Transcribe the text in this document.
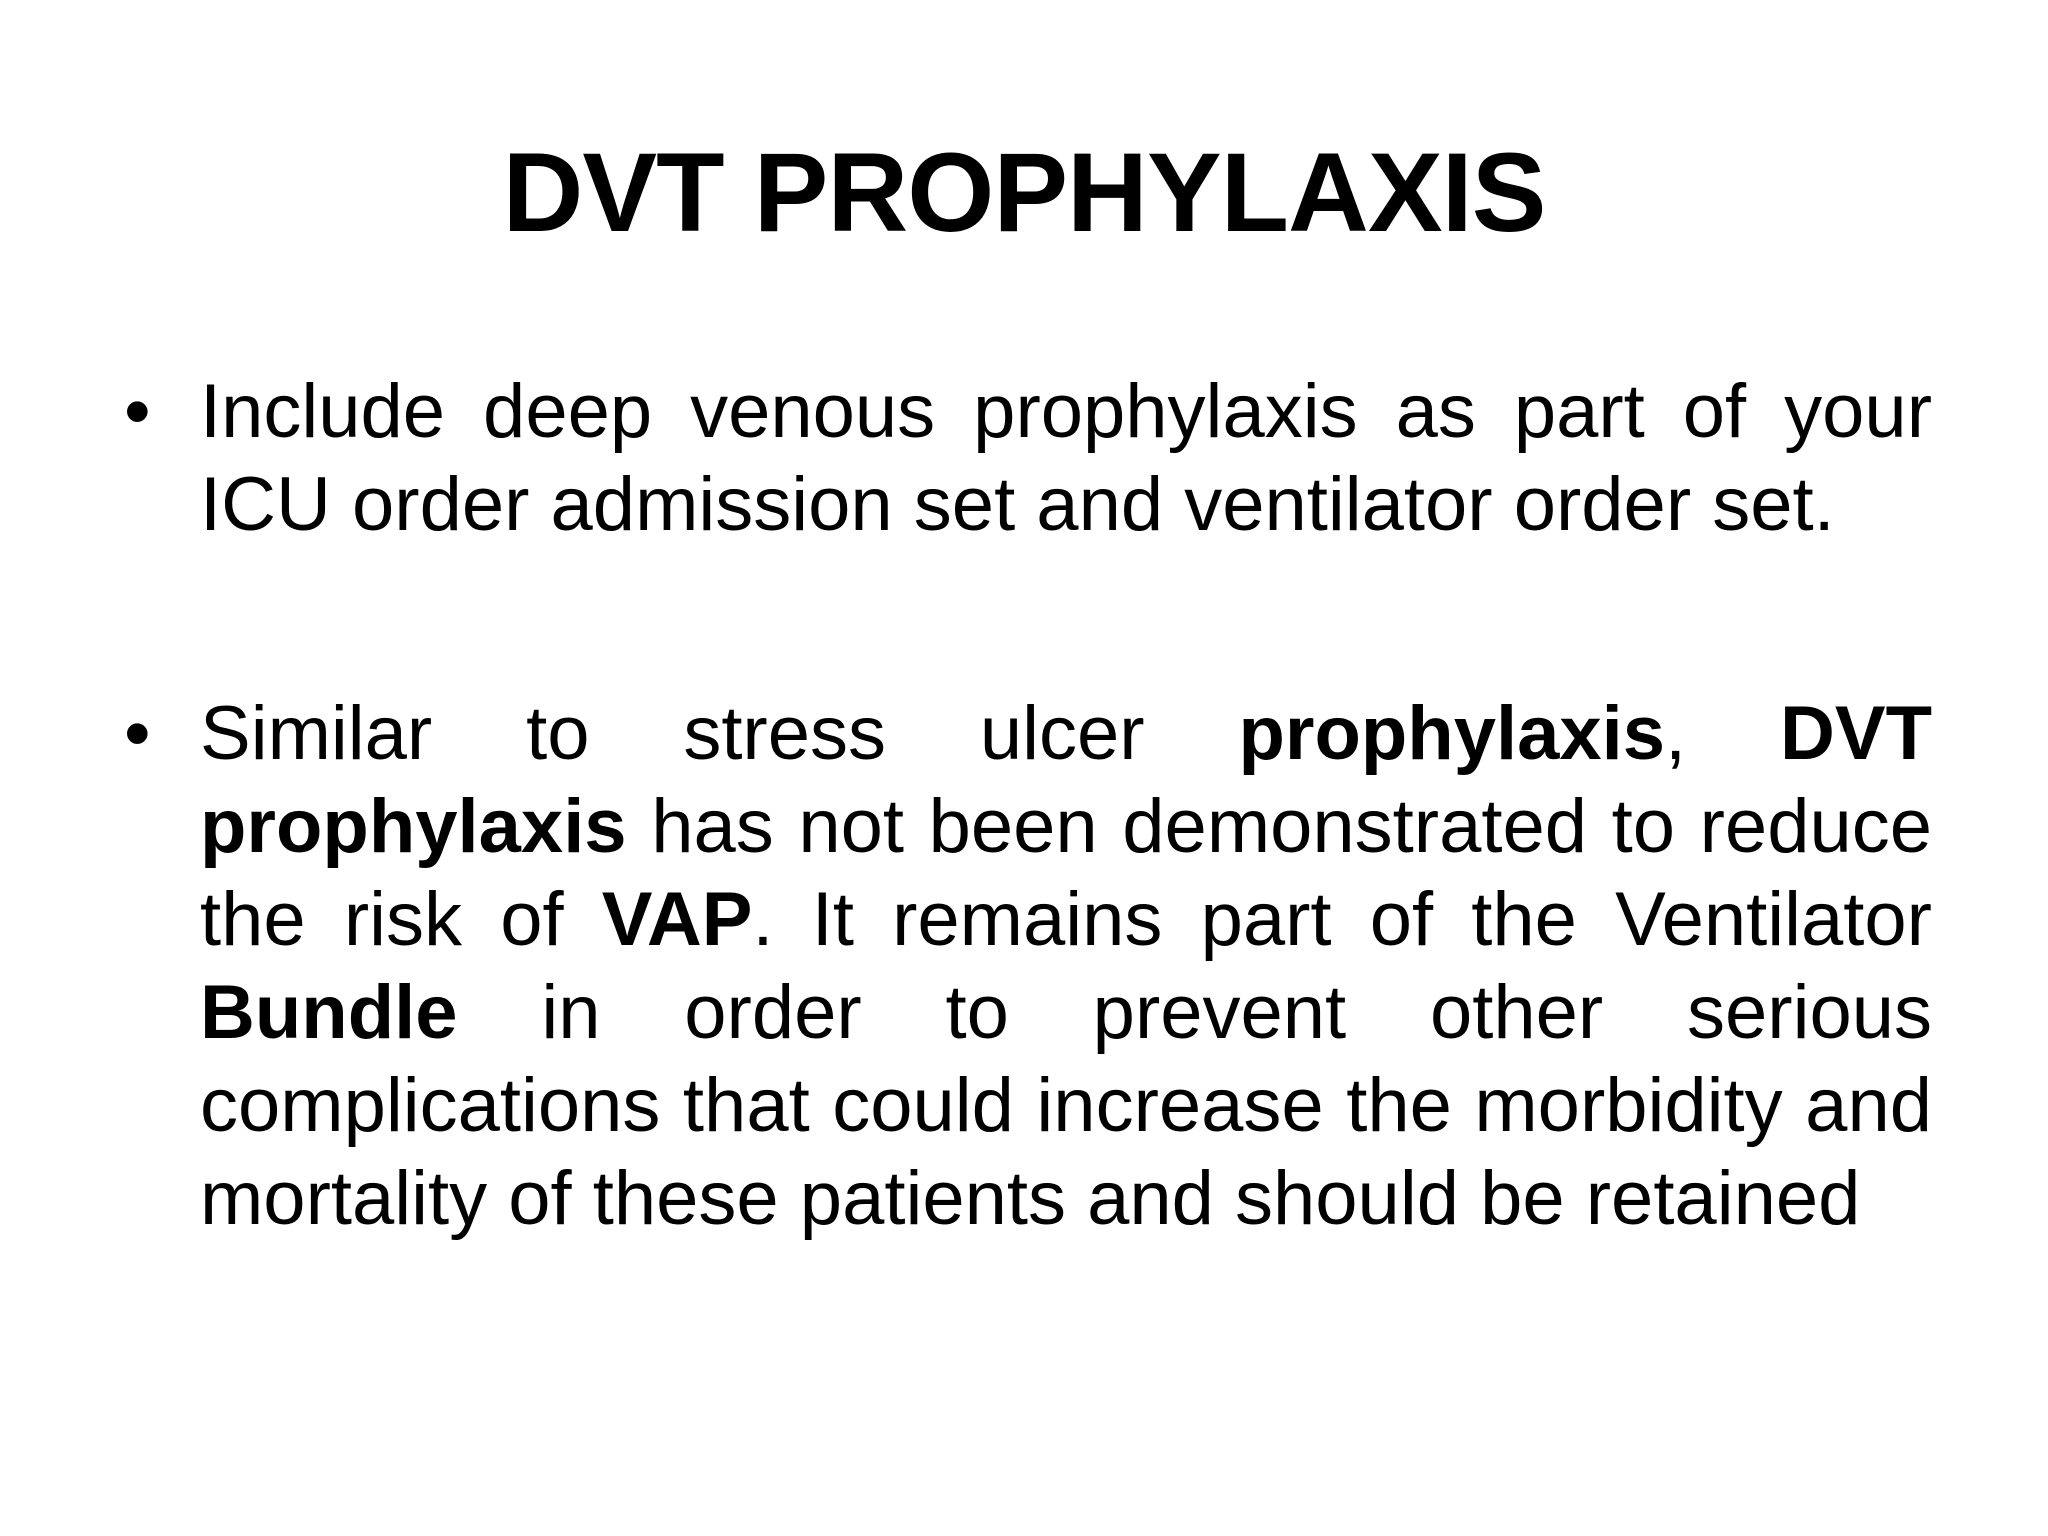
DVT PROPHYLAXIS
• Include deep venous prophylaxis as part of your ICU order admission set and ventilator order set.

• Similar to stress ulcer prophylaxis, DVT prophylaxis has not been demonstrated to reduce the risk of VAP. It remains part of the Ventilator Bundle in order to prevent other serious complications that could increase the morbidity and mortality of these patients and should be retained
